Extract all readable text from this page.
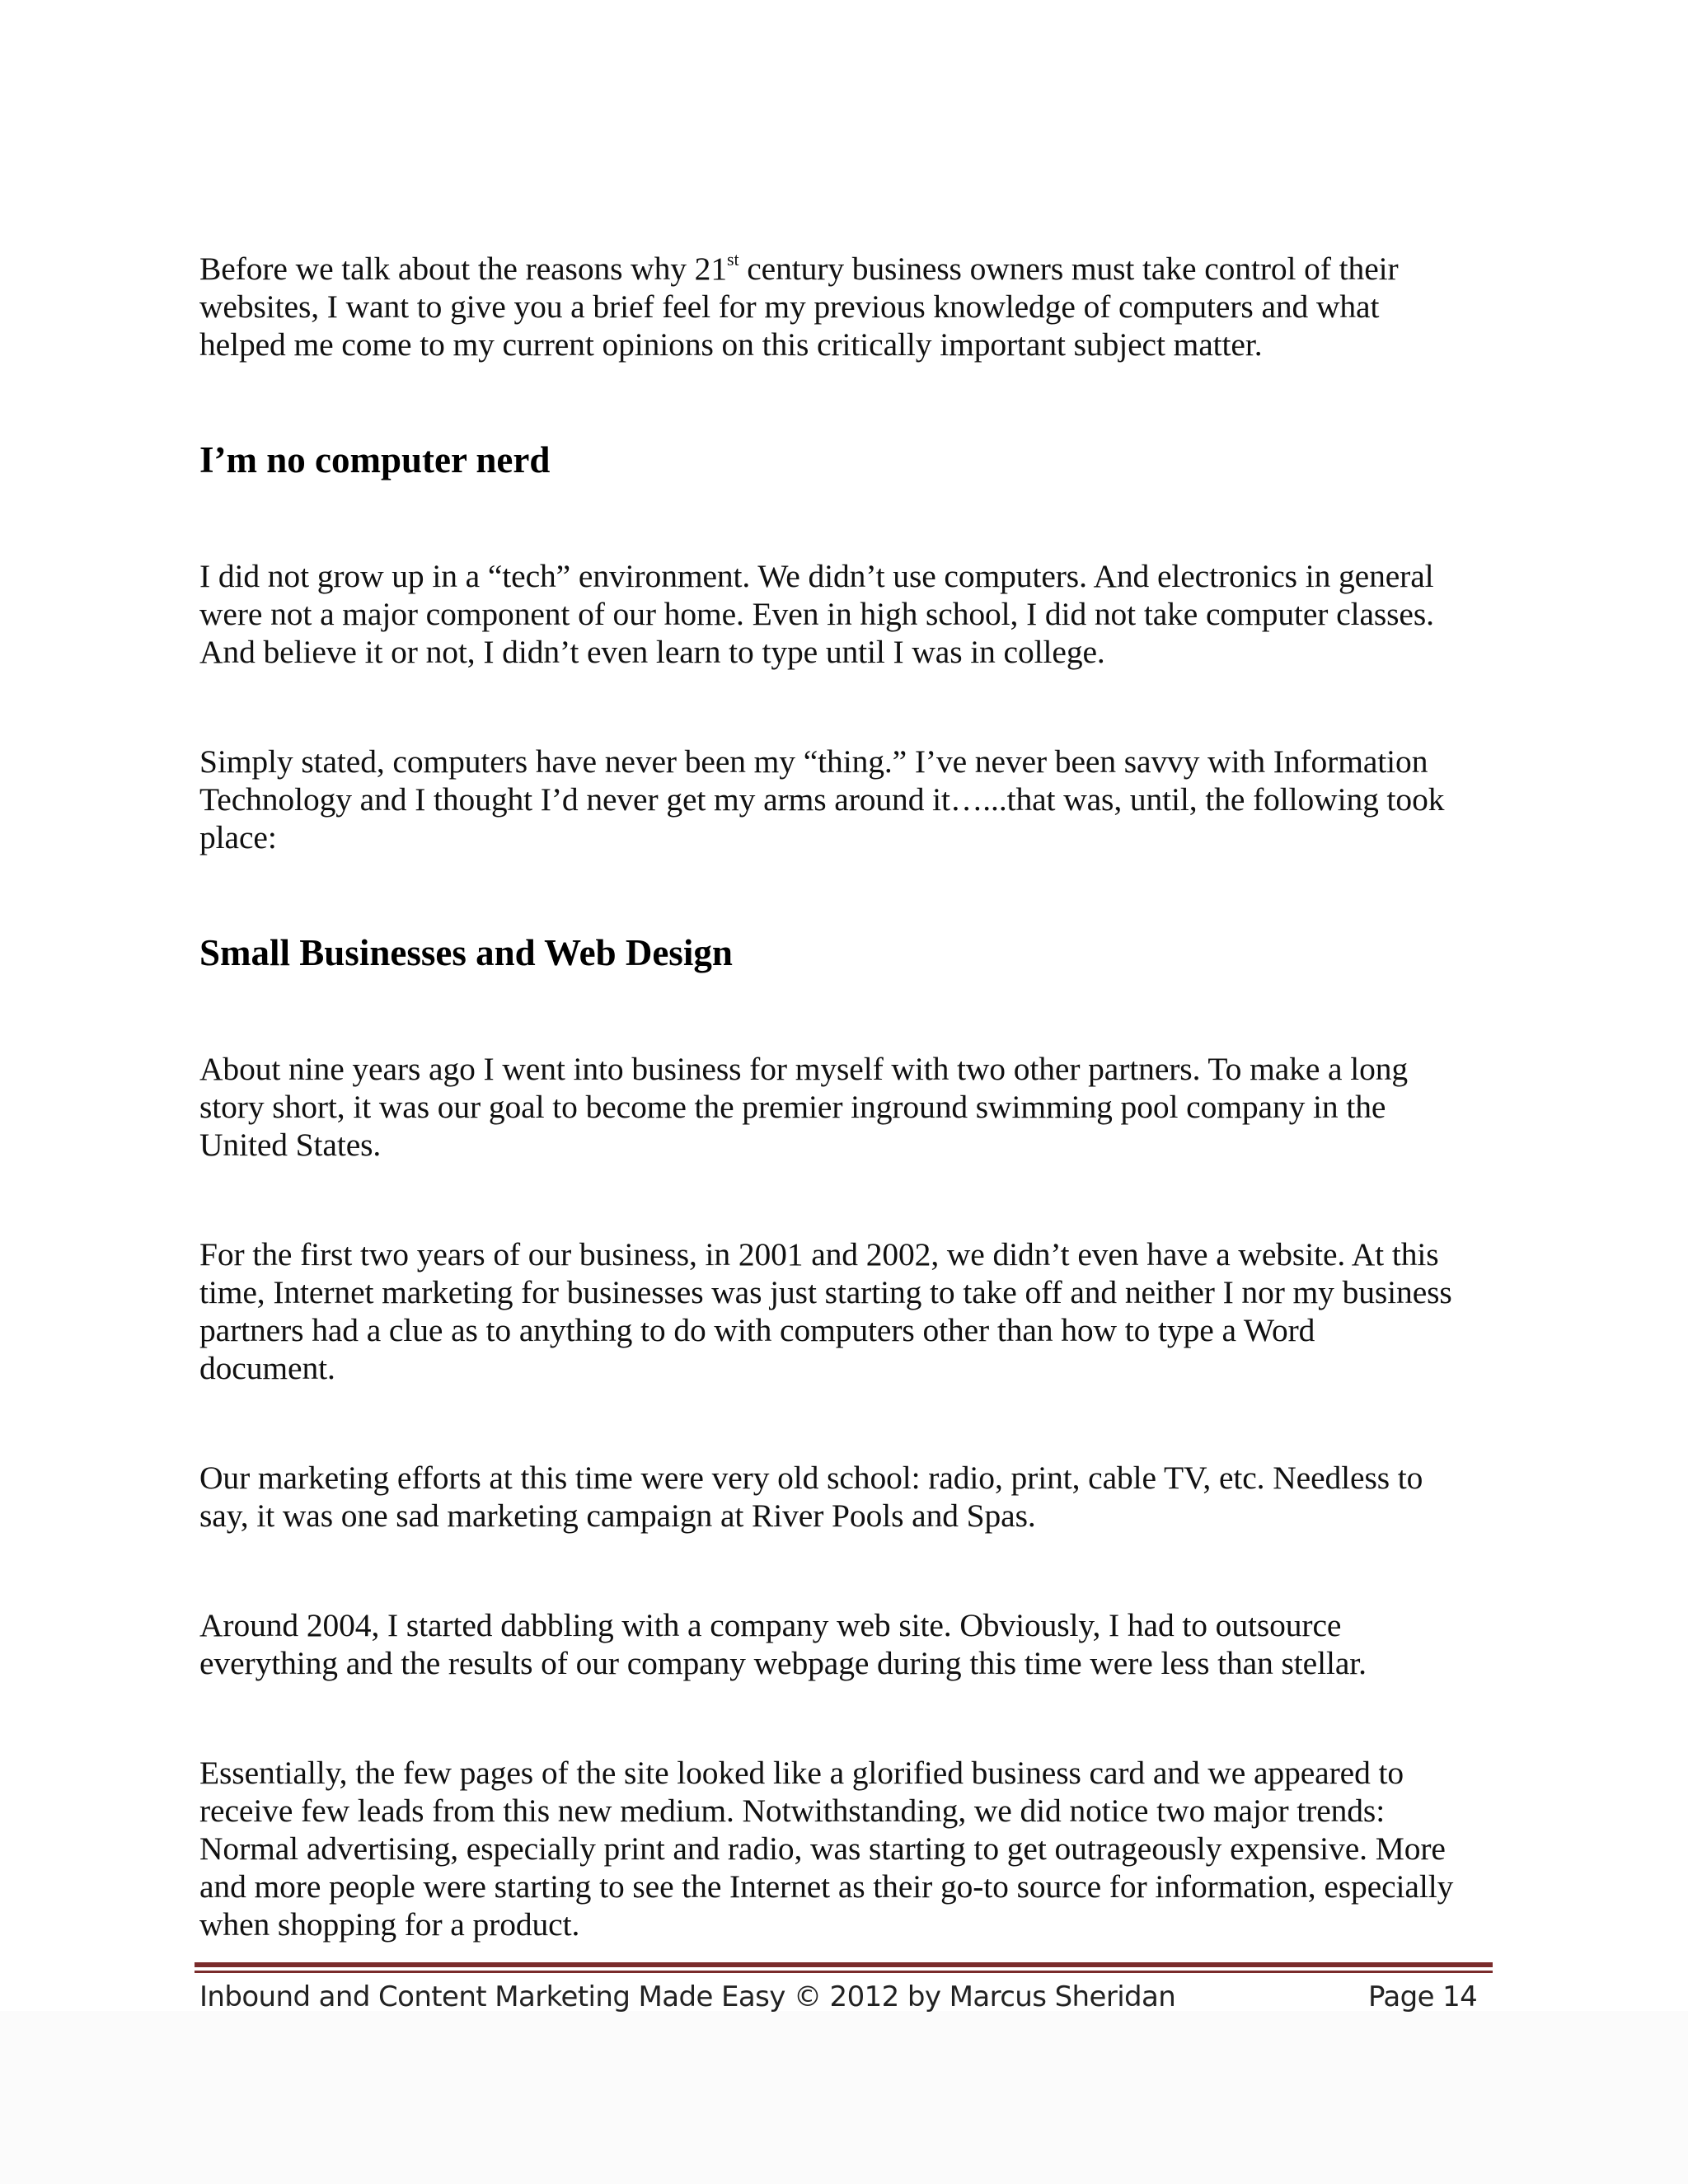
Before we talk about the reasons why 21st century business owners must take control of their
websites, I want to give you a brief feel for my previous knowledge of computers and what
helped me come to my current opinions on this critically important subject matter.

I’m no computer nerd

I did not grow up in a “tech” environment. We didn’t use computers. And electronics in general
were not a major component of our home. Even in high school, I did not take computer classes.
And believe it or not, I didn’t even learn to type until I was in college.

Simply stated, computers have never been my “thing.” I’ve never been savvy with Information
Technology and I thought I’d never get my arms around it…...that was, until, the following took
place:

Small Businesses and Web Design

About nine years ago I went into business for myself with two other partners. To make a long
story short, it was our goal to become the premier inground swimming pool company in the
United States.

For the first two years of our business, in 2001 and 2002, we didn’t even have a website. At this
time, Internet marketing for businesses was just starting to take off and neither I nor my business
partners had a clue as to anything to do with computers other than how to type a Word
document.

Our marketing efforts at this time were very old school: radio, print, cable TV, etc. Needless to
say, it was one sad marketing campaign at River Pools and Spas.

Around 2004, I started dabbling with a company web site. Obviously, I had to outsource
everything and the results of our company webpage during this time were less than stellar.

Essentially, the few pages of the site looked like a glorified business card and we appeared to
receive few leads from this new medium. Notwithstanding, we did notice two major trends:
Normal advertising, especially print and radio, was starting to get outrageously expensive. More
and more people were starting to see the Internet as their go-to source for information, especially
when shopping for a product.

Inbound and Content Marketing Made Easy © 2012 by Marcus Sheridan	Page 14
